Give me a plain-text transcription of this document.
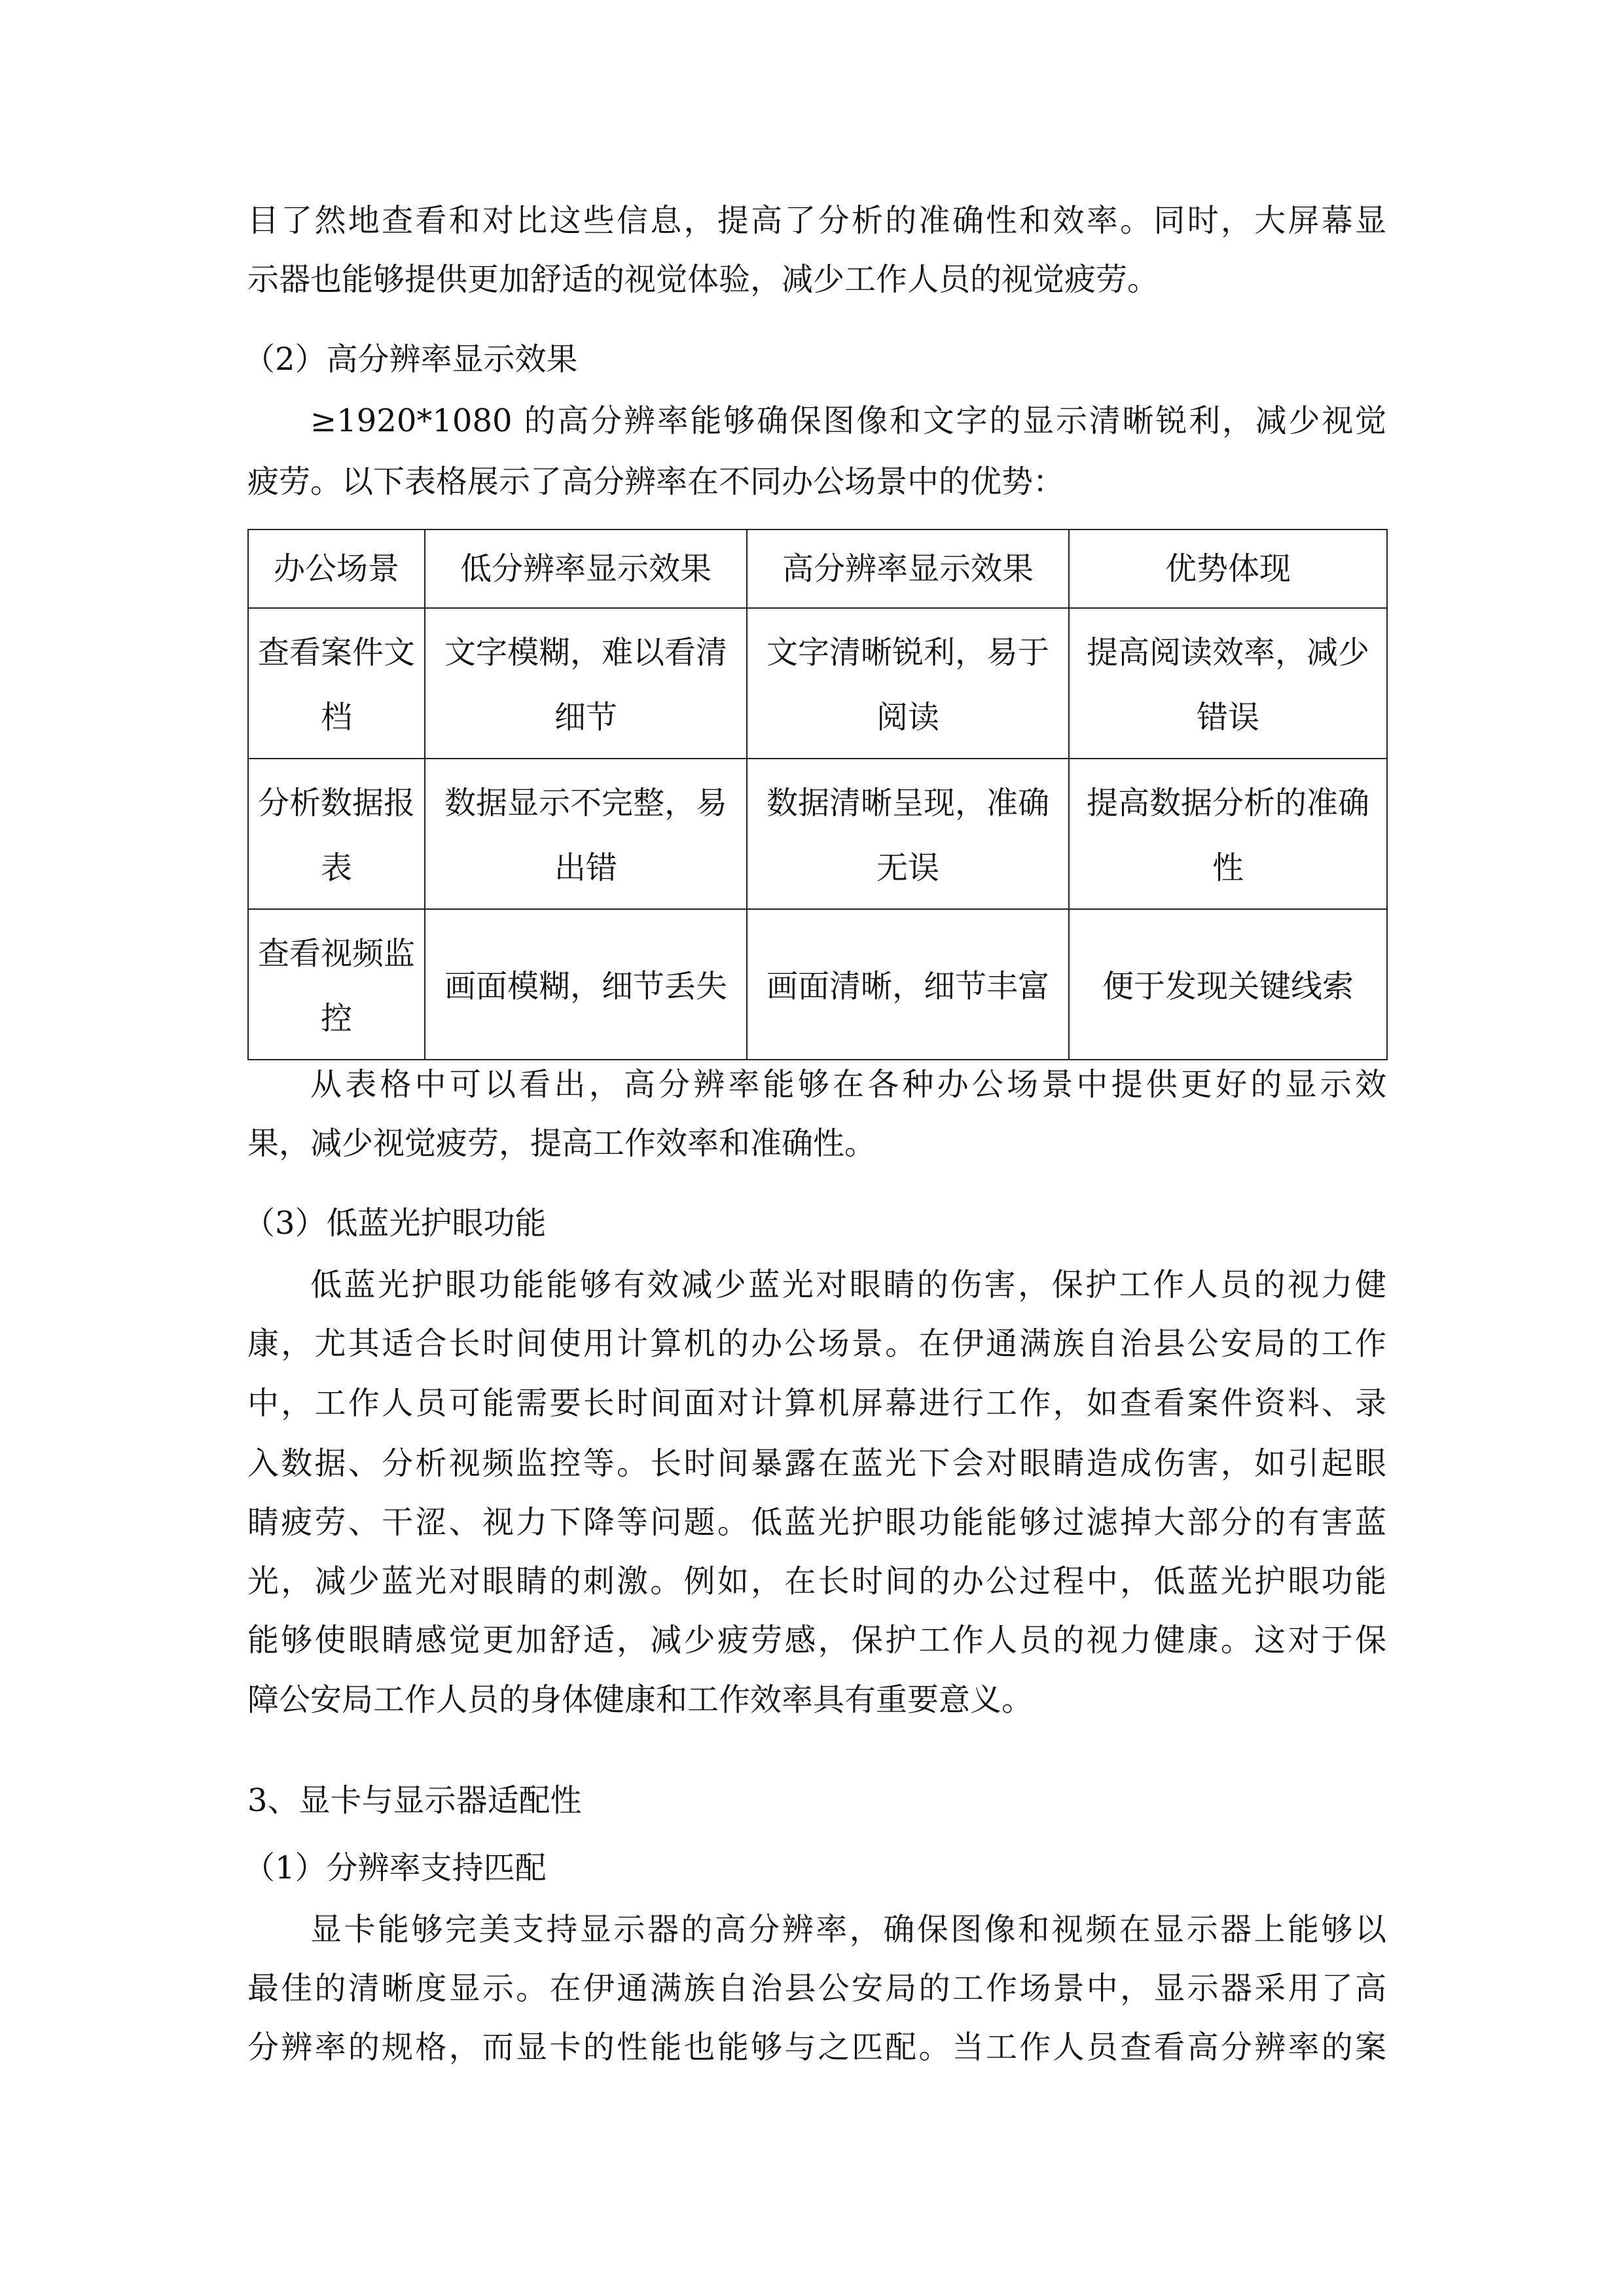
目了然地查看和对比这些信息，提高了分析的准确性和效率。同时，大屏幕显
示器也能够提供更加舒适的视觉体验，减少工作人员的视觉疲劳。
（2）高分辨率显示效果
≥1920*1080 的高分辨率能够确保图像和文字的显示清晰锐利，减少视觉
疲劳。以下表格展示了高分辨率在不同办公场景中的优势：
办公场景	低分辨率显示效果	高分辨率显示效果	优势体现
查看案件文档	文字模糊，难以看清细节	文字清晰锐利，易于阅读	提高阅读效率，减少错误
分析数据报表	数据显示不完整，易出错	数据清晰呈现，准确无误	提高数据分析的准确性
查看视频监控	画面模糊，细节丢失	画面清晰，细节丰富	便于发现关键线索
从表格中可以看出，高分辨率能够在各种办公场景中提供更好的显示效
果，减少视觉疲劳，提高工作效率和准确性。
（3）低蓝光护眼功能
低蓝光护眼功能能够有效减少蓝光对眼睛的伤害，保护工作人员的视力健
康，尤其适合长时间使用计算机的办公场景。在伊通满族自治县公安局的工作
中，工作人员可能需要长时间面对计算机屏幕进行工作，如查看案件资料、录
入数据、分析视频监控等。长时间暴露在蓝光下会对眼睛造成伤害，如引起眼
睛疲劳、干涩、视力下降等问题。低蓝光护眼功能能够过滤掉大部分的有害蓝
光，减少蓝光对眼睛的刺激。例如，在长时间的办公过程中，低蓝光护眼功能
能够使眼睛感觉更加舒适，减少疲劳感，保护工作人员的视力健康。这对于保
障公安局工作人员的身体健康和工作效率具有重要意义。
3、显卡与显示器适配性
（1）分辨率支持匹配
显卡能够完美支持显示器的高分辨率，确保图像和视频在显示器上能够以
最佳的清晰度显示。在伊通满族自治县公安局的工作场景中，显示器采用了高
分辨率的规格，而显卡的性能也能够与之匹配。当工作人员查看高分辨率的案
